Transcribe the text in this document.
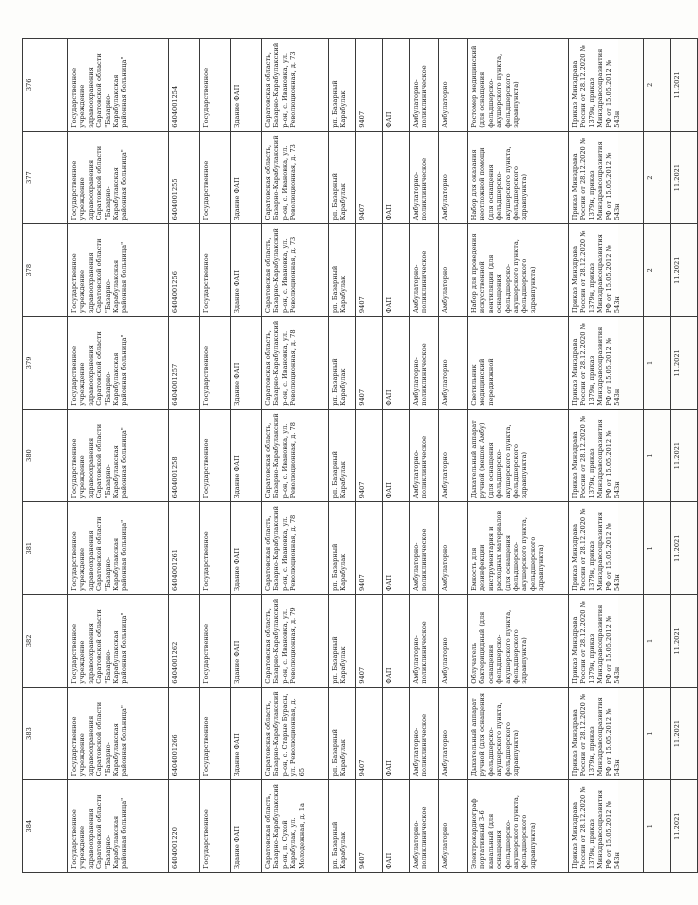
384	383	382	381	380	379	378	377	376
Государственное учреждение здравоохранения Саратовской области "Базарно-Карабулакская районная больница"	Государственное учреждение здравоохранения Саратовской области "Базарно-Карабулакская районная больница"	Государственное учреждение здравоохранения Саратовской области "Базарно-Карабулакская районная больница"	Государственное учреждение здравоохранения Саратовской области "Базарно-Карабулакская районная больница"	Государственное учреждение здравоохранения Саратовской области "Базарно-Карабулакская районная больница"	Государственное учреждение здравоохранения Саратовской области "Базарно-Карабулакская районная больница"	Государственное учреждение здравоохранения Саратовской области "Базарно-Карабулакская районная больница"	Государственное учреждение здравоохранения Саратовской области "Базарно-Карабулакская районная больница"	Государственное учреждение здравоохранения Саратовской области "Базарно-Карабулакская районная больница"
6404001220	6404001266	6404001262	6404001261	6404001258	6404001257	6404001256	6404001255	6404001254
Государственное	Государственное	Государственное	Государственное	Государственное	Государственное	Государственное	Государственное	Государственное
Здание ФАП	Здание ФАП	Здание ФАП	Здание ФАП	Здание ФАП	Здание ФАП	Здание ФАП	Здание ФАП	Здание ФАП
Саратовская область, Базарно-Карабулакский р-он, п. Сухой Карабулак, ул. Молодежная, д. 1а	Саратовская область, Базарно-Карабулакский р-он, с. Старые Бурасы, ул. Революционная, д. 65	Саратовская область, Базарно-Карабулакский р-он, с. Ивановка, ул. Революционная, д. 79	Саратовская область, Базарно-Карабулакский р-он, с. Ивановка, ул. Революционная, д. 78	Саратовская область, Базарно-Карабулакский р-он, с. Ивановка, ул. Революционная, д. 78	Саратовская область, Базарно-Карабулакский р-он, с. Ивановка, ул. Революционная, д. 78	Саратовская область, Базарно-Карабулакский р-он, с. Ивановка, ул. Революционная, д. 73	Саратовская область, Базарно-Карабулакский р-он, с. Ивановка, ул. Революционная, д. 73	Саратовская область, Базарно-Карабулакский р-он, с. Ивановка, ул. Революционная, д. 73
рп. Базарный Карабулак	рп. Базарный Карабулак	рп. Базарный Карабулак	рп. Базарный Карабулак	рп. Базарный Карабулак	рп. Базарный Карабулак	рп. Базарный Карабулак	рп. Базарный Карабулак	рп. Базарный Карабулак
9407	9407	9407	9407	9407	9407	9407	9407	9407
ФАП	ФАП	ФАП	ФАП	ФАП	ФАП	ФАП	ФАП	ФАП
Амбулаторно-поликлиническое	Амбулаторно-поликлиническое	Амбулаторно-поликлиническое	Амбулаторно-поликлиническое	Амбулаторно-поликлиническое	Амбулаторно-поликлиническое	Амбулаторно-поликлиническое	Амбулаторно-поликлиническое	Амбулаторно-поликлиническое
Амбулаторно	Амбулаторно	Амбулаторно	Амбулаторно	Амбулаторно	Амбулаторно	Амбулаторно	Амбулаторно	Амбулаторно
Электрокардиограф портативный 3-6 канальный (для оснащения фельдшерско-акушерского пункта, фельдшерского здравпункта)	Дыхательный аппарат ручной (для оснащения фельдшерско-акушерского пункта, фельдшерского здравпункта)	Облучатель бактерицидный (для оснащения фельдшерско-акушерского пункта, фельдшерского здравпункта)	Емкость для дезинфекции инструментария и расходных материалов (для оснащения фельдшерско-акушерского пункта, фельдшерского здравпункта)	Дыхательный аппарат ручной (мешок Амбу) (для оснащения фельдшерско-акушерского пункта, фельдшерского здравпункта)	Светильник медицинский передвижной	Набор для проведения искусственной вентиляции (для оснащения фельдшерско-акушерского пункта, фельдшерского здравпункта)	Набор для оказания неотложной помощи (для оснащения фельдшерско-акушерского пункта, фельдшерского здравпункта)	Ростомер медицинский (для оснащения фельдшерско-акушерского пункта, фельдшерского здравпункта)
Приказ Минздрава России от 28.12.2020 № 1379н, приказ Минздравсоцразвития РФ от 15.05.2012 № 543н	Приказ Минздрава России от 28.12.2020 № 1379н, приказ Минздравсоцразвития РФ от 15.05.2012 № 543н	Приказ Минздрава России от 28.12.2020 № 1379н, приказ Минздравсоцразвития РФ от 15.05.2012 № 543н	Приказ Минздрава России от 28.12.2020 № 1379н, приказ Минздравсоцразвития РФ от 15.05.2012 № 543н	Приказ Минздрава России от 28.12.2020 № 1379н, приказ Минздравсоцразвития РФ от 15.05.2012 № 543н	Приказ Минздрава России от 28.12.2020 № 1379н, приказ Минздравсоцразвития РФ от 15.05.2012 № 543н	Приказ Минздрава России от 28.12.2020 № 1379н, приказ Минздравсоцразвития РФ от 15.05.2012 № 543н	Приказ Минздрава России от 28.12.2020 № 1379н, приказ Минздравсоцразвития РФ от 15.05.2012 № 543н	Приказ Минздрава России от 28.12.2020 № 1379н, приказ Минздравсоцразвития РФ от 15.05.2012 № 543н
1	1	1	1	1	1	2	2	2
11.2021	11.2021	11.2021	11.2021	11.2021	11.2021	11.2021	11.2021	11.2021
